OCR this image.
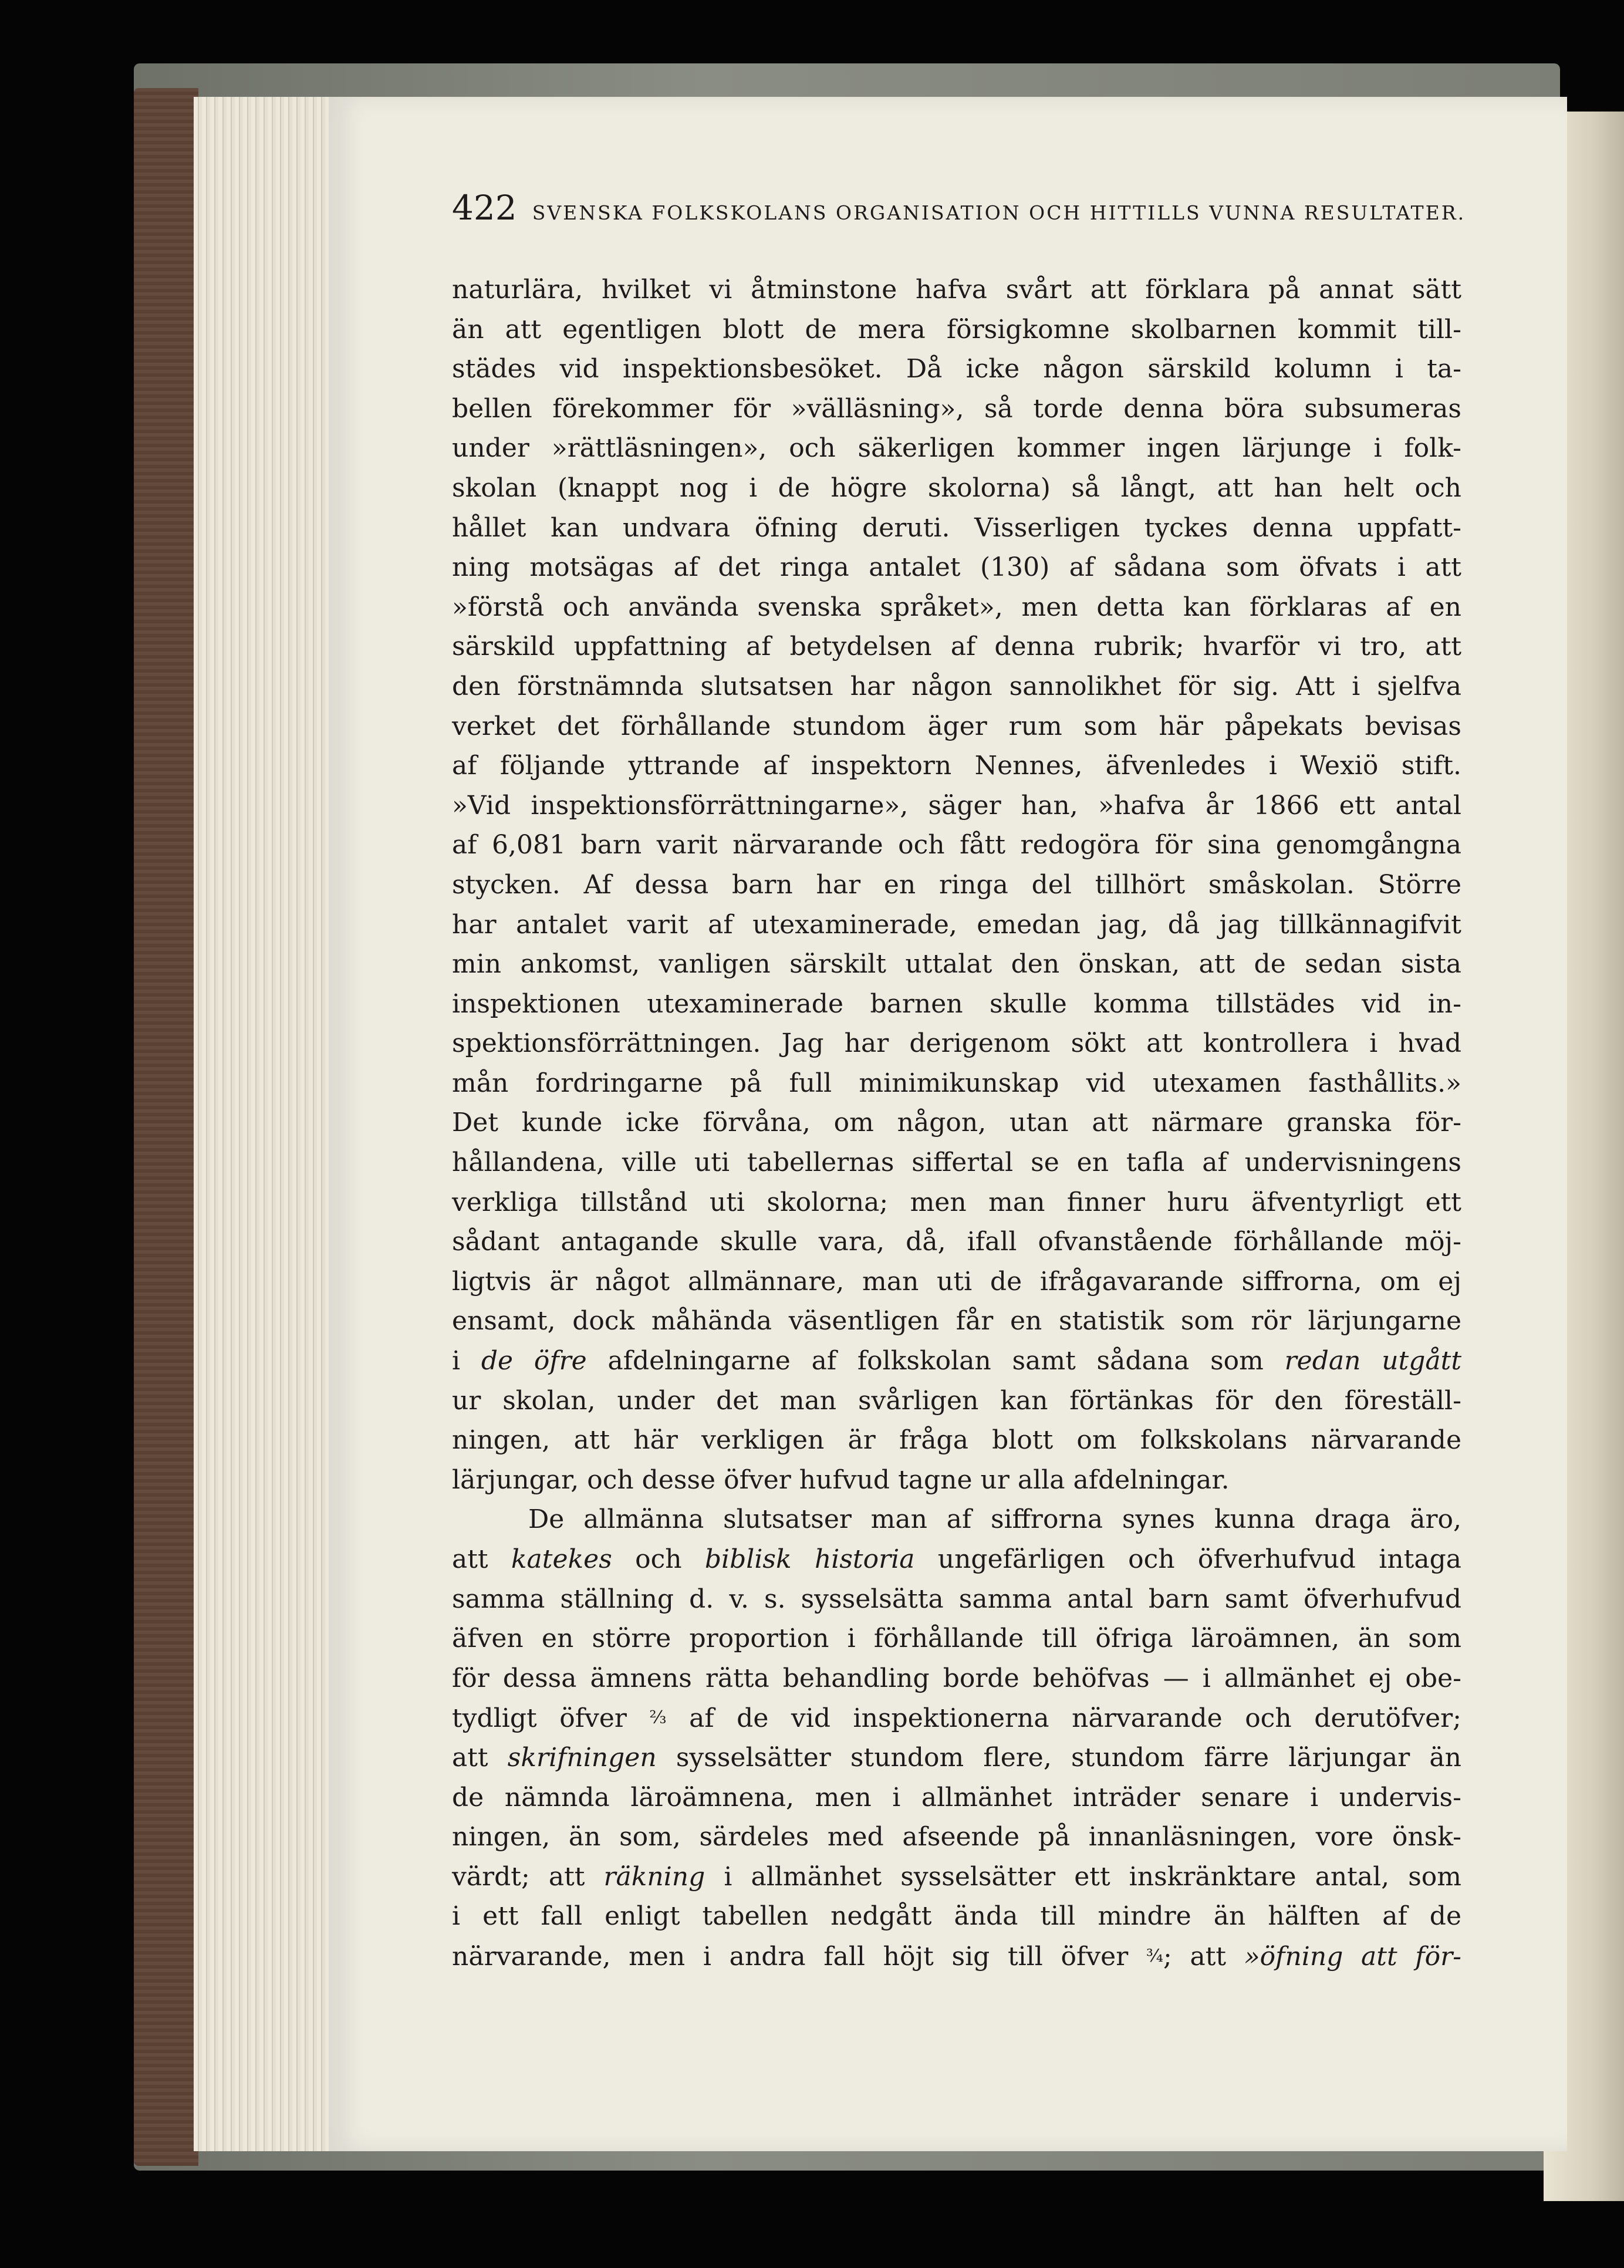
422 SVENSKA FOLKSKOLANS ORGANISATION OCH HITTILLS VUNNA RESULTATER.
naturlära, hvilket vi åtminstone hafva svårt att förklara på annat sätt
än att egentligen blott de mera försigkomne skolbarnen kommit till-
städes vid inspektionsbesöket. Då icke någon särskild kolumn i ta-
bellen förekommer för »välläsning», så torde denna böra subsumeras
under »rättläsningen», och säkerligen kommer ingen lärjunge i folk-
skolan (knappt nog i de högre skolorna) så långt, att han helt och
hållet kan undvara öfning deruti. Visserligen tyckes denna uppfatt-
ning motsägas af det ringa antalet (130) af sådana som öfvats i att
»förstå och använda svenska språket», men detta kan förklaras af en
särskild uppfattning af betydelsen af denna rubrik; hvarför vi tro, att
den förstnämnda slutsatsen har någon sannolikhet för sig. Att i sjelfva
verket det förhållande stundom äger rum som här påpekats bevisas
af följande yttrande af inspektorn Nennes, äfvenledes i Wexiö stift.
»Vid inspektionsförrättningarne», säger han, »hafva år 1866 ett antal
af 6,081 barn varit närvarande och fått redogöra för sina genomgångna
stycken. Af dessa barn har en ringa del tillhört småskolan. Större
har antalet varit af utexaminerade, emedan jag, då jag tillkännagifvit
min ankomst, vanligen särskilt uttalat den önskan, att de sedan sista
inspektionen utexaminerade barnen skulle komma tillstädes vid in-
spektionsförrättningen. Jag har derigenom sökt att kontrollera i hvad
mån fordringarne på full minimikunskap vid utexamen fasthållits.»
Det kunde icke förvåna, om någon, utan att närmare granska för-
hållandena, ville uti tabellernas siffertal se en tafla af undervisningens
verkliga tillstånd uti skolorna; men man finner huru äfventyrligt ett
sådant antagande skulle vara, då, ifall ofvanstående förhållande möj-
ligtvis är något allmännare, man uti de ifrågavarande siffrorna, om ej
ensamt, dock måhända väsentligen får en statistik som rör lärjungarne
i de öfre afdelningarne af folkskolan samt sådana som redan utgått
ur skolan, under det man svårligen kan förtänkas för den föreställ-
ningen, att här verkligen är fråga blott om folkskolans närvarande
lärjungar, och desse öfver hufvud tagne ur alla afdelningar.
De allmänna slutsatser man af siffrorna synes kunna draga äro,
att katekes och biblisk historia ungefärligen och öfverhufvud intaga
samma ställning d. v. s. sysselsätta samma antal barn samt öfverhufvud
äfven en större proportion i förhållande till öfriga läroämnen, än som
för dessa ämnens rätta behandling borde behöfvas — i allmänhet ej obe-
tydligt öfver ⅔ af de vid inspektionerna närvarande och derutöfver;
att skrifningen sysselsätter stundom flere, stundom färre lärjungar än
de nämnda läroämnena, men i allmänhet inträder senare i undervis-
ningen, än som, särdeles med afseende på innanläsningen, vore önsk-
värdt; att räkning i allmänhet sysselsätter ett inskränktare antal, som
i ett fall enligt tabellen nedgått ända till mindre än hälften af de
närvarande, men i andra fall höjt sig till öfver ¾; att »öfning att för-
